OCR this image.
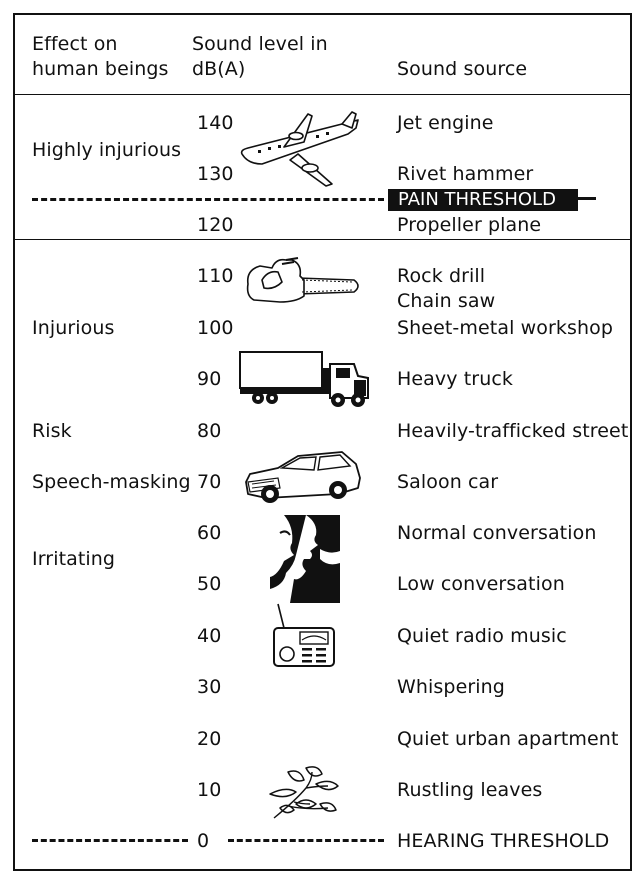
Effect on
human beings
Sound level in
dB(A)	Sound source
Highly injurious
Injurious
Risk
Speech-masking
Irritating
140
130
120
110
100
90
80
70
60
50
40
30
20
10
0
Jet engine
Rivet hammer
Propeller plane
Rock drill
Chain saw
Sheet-metal workshop
Heavy truck
Heavily-trafficked street
Saloon car
Normal conversation
Low conversation
Quiet radio music
Whispering
Quiet urban apartment
Rustling leaves
HEARING THRESHOLD
PAIN THRESHOLD
